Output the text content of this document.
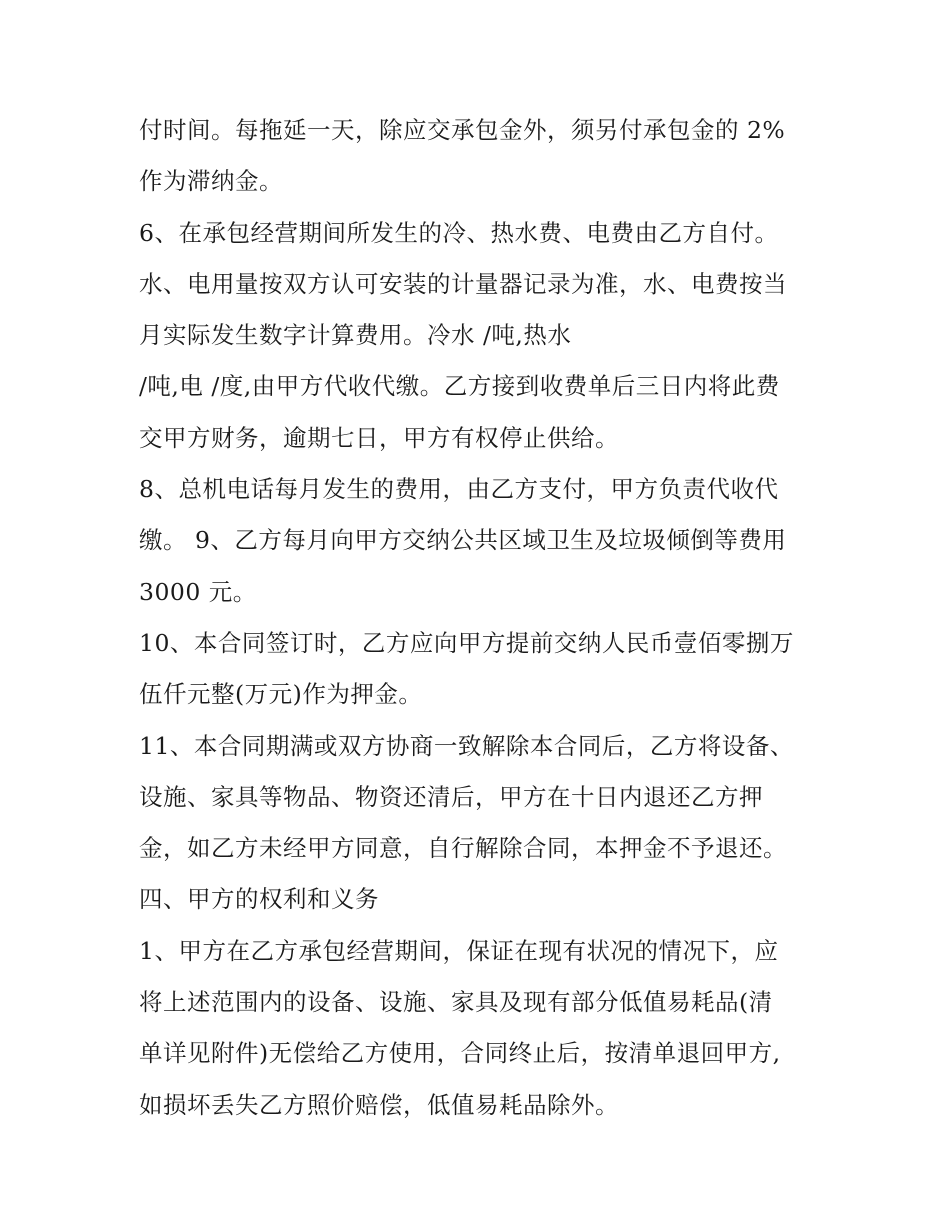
付时间。每拖延一天，除应交承包金外，须另付承包金的 2%
作为滞纳金。
6、在承包经营期间所发生的冷、热水费、电费由乙方自付。
水、电用量按双方认可安装的计量器记录为准，水、电费按当
月实际发生数字计算费用。冷水 /吨,热水
/吨,电 /度,由甲方代收代缴。乙方接到收费单后三日内将此费
交甲方财务，逾期七日，甲方有权停止供给。
8、总机电话每月发生的费用，由乙方支付，甲方负责代收代
缴。 9、乙方每月向甲方交纳公共区域卫生及垃圾倾倒等费用
3000 元。
10、本合同签订时，乙方应向甲方提前交纳人民币壹佰零捌万
伍仟元整(万元)作为押金。
11、本合同期满或双方协商一致解除本合同后，乙方将设备、
设施、家具等物品、物资还清后，甲方在十日内退还乙方押
金，如乙方未经甲方同意，自行解除合同，本押金不予退还。
四、甲方的权利和义务
1、甲方在乙方承包经营期间，保证在现有状况的情况下，应
将上述范围内的设备、设施、家具及现有部分低值易耗品(清
单详见附件)无偿给乙方使用，合同终止后，按清单退回甲方,
如损坏丢失乙方照价赔偿，低值易耗品除外。
